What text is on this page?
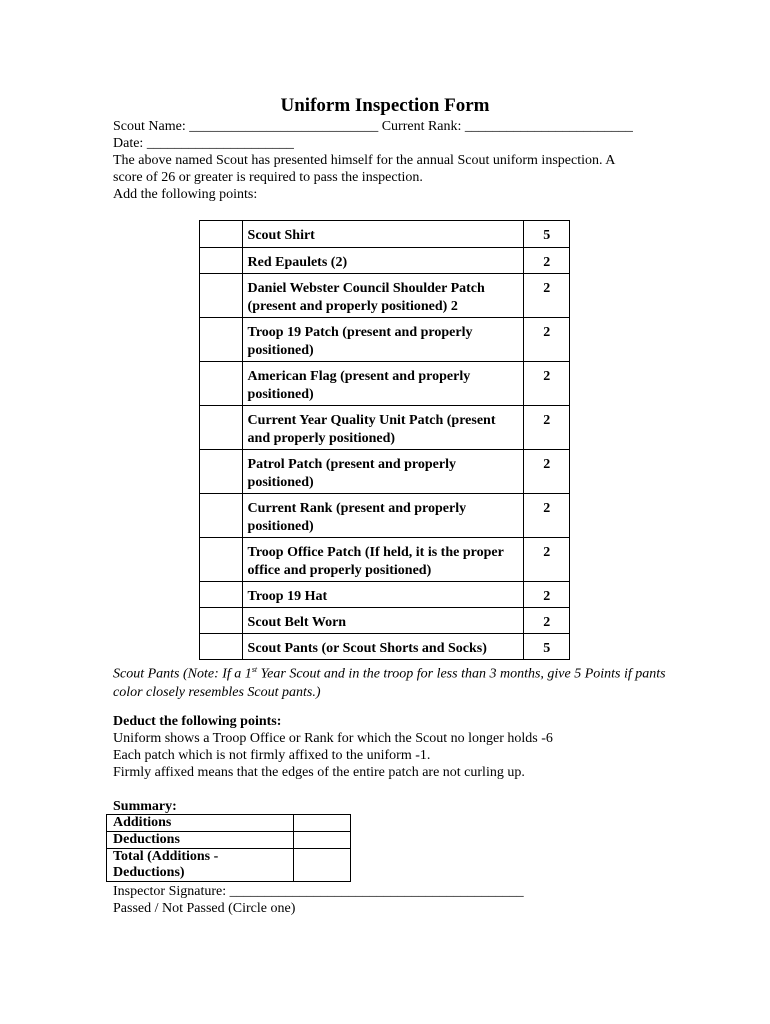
Uniform Inspection Form
Scout Name: ___________________________ Current Rank: ________________________
Date: _____________________
The above named Scout has presented himself for the annual Scout uniform inspection. A
score of 26 or greater is required to pass the inspection.
Add the following points:
	Scout Shirt	5
	Red Epaulets (2)	2
	Daniel Webster Council Shoulder Patch (present and properly positioned) 2	2
	Troop 19 Patch (present and properly positioned)	2
	American Flag (present and properly positioned)	2
	Current Year Quality Unit Patch (present and properly positioned)	2
	Patrol Patch (present and properly positioned)	2
	Current Rank (present and properly positioned)	2
	Troop Office Patch (If held, it is the proper office and properly positioned)	2
	Troop 19 Hat	2
	Scout Belt Worn	2
	Scout Pants (or Scout Shorts and Socks)	5
Scout Pants (Note: If a 1st Year Scout and in the troop for less than 3 months, give 5 Points if pants color closely resembles Scout pants.)
Deduct the following points:
Uniform shows a Troop Office or Rank for which the Scout no longer holds -6
Each patch which is not firmly affixed to the uniform -1.
Firmly affixed means that the edges of the entire patch are not curling up.
Summary:
Additions	
Deductions	
Total (Additions - Deductions)	
Inspector Signature: __________________________________________
Passed / Not Passed (Circle one)
